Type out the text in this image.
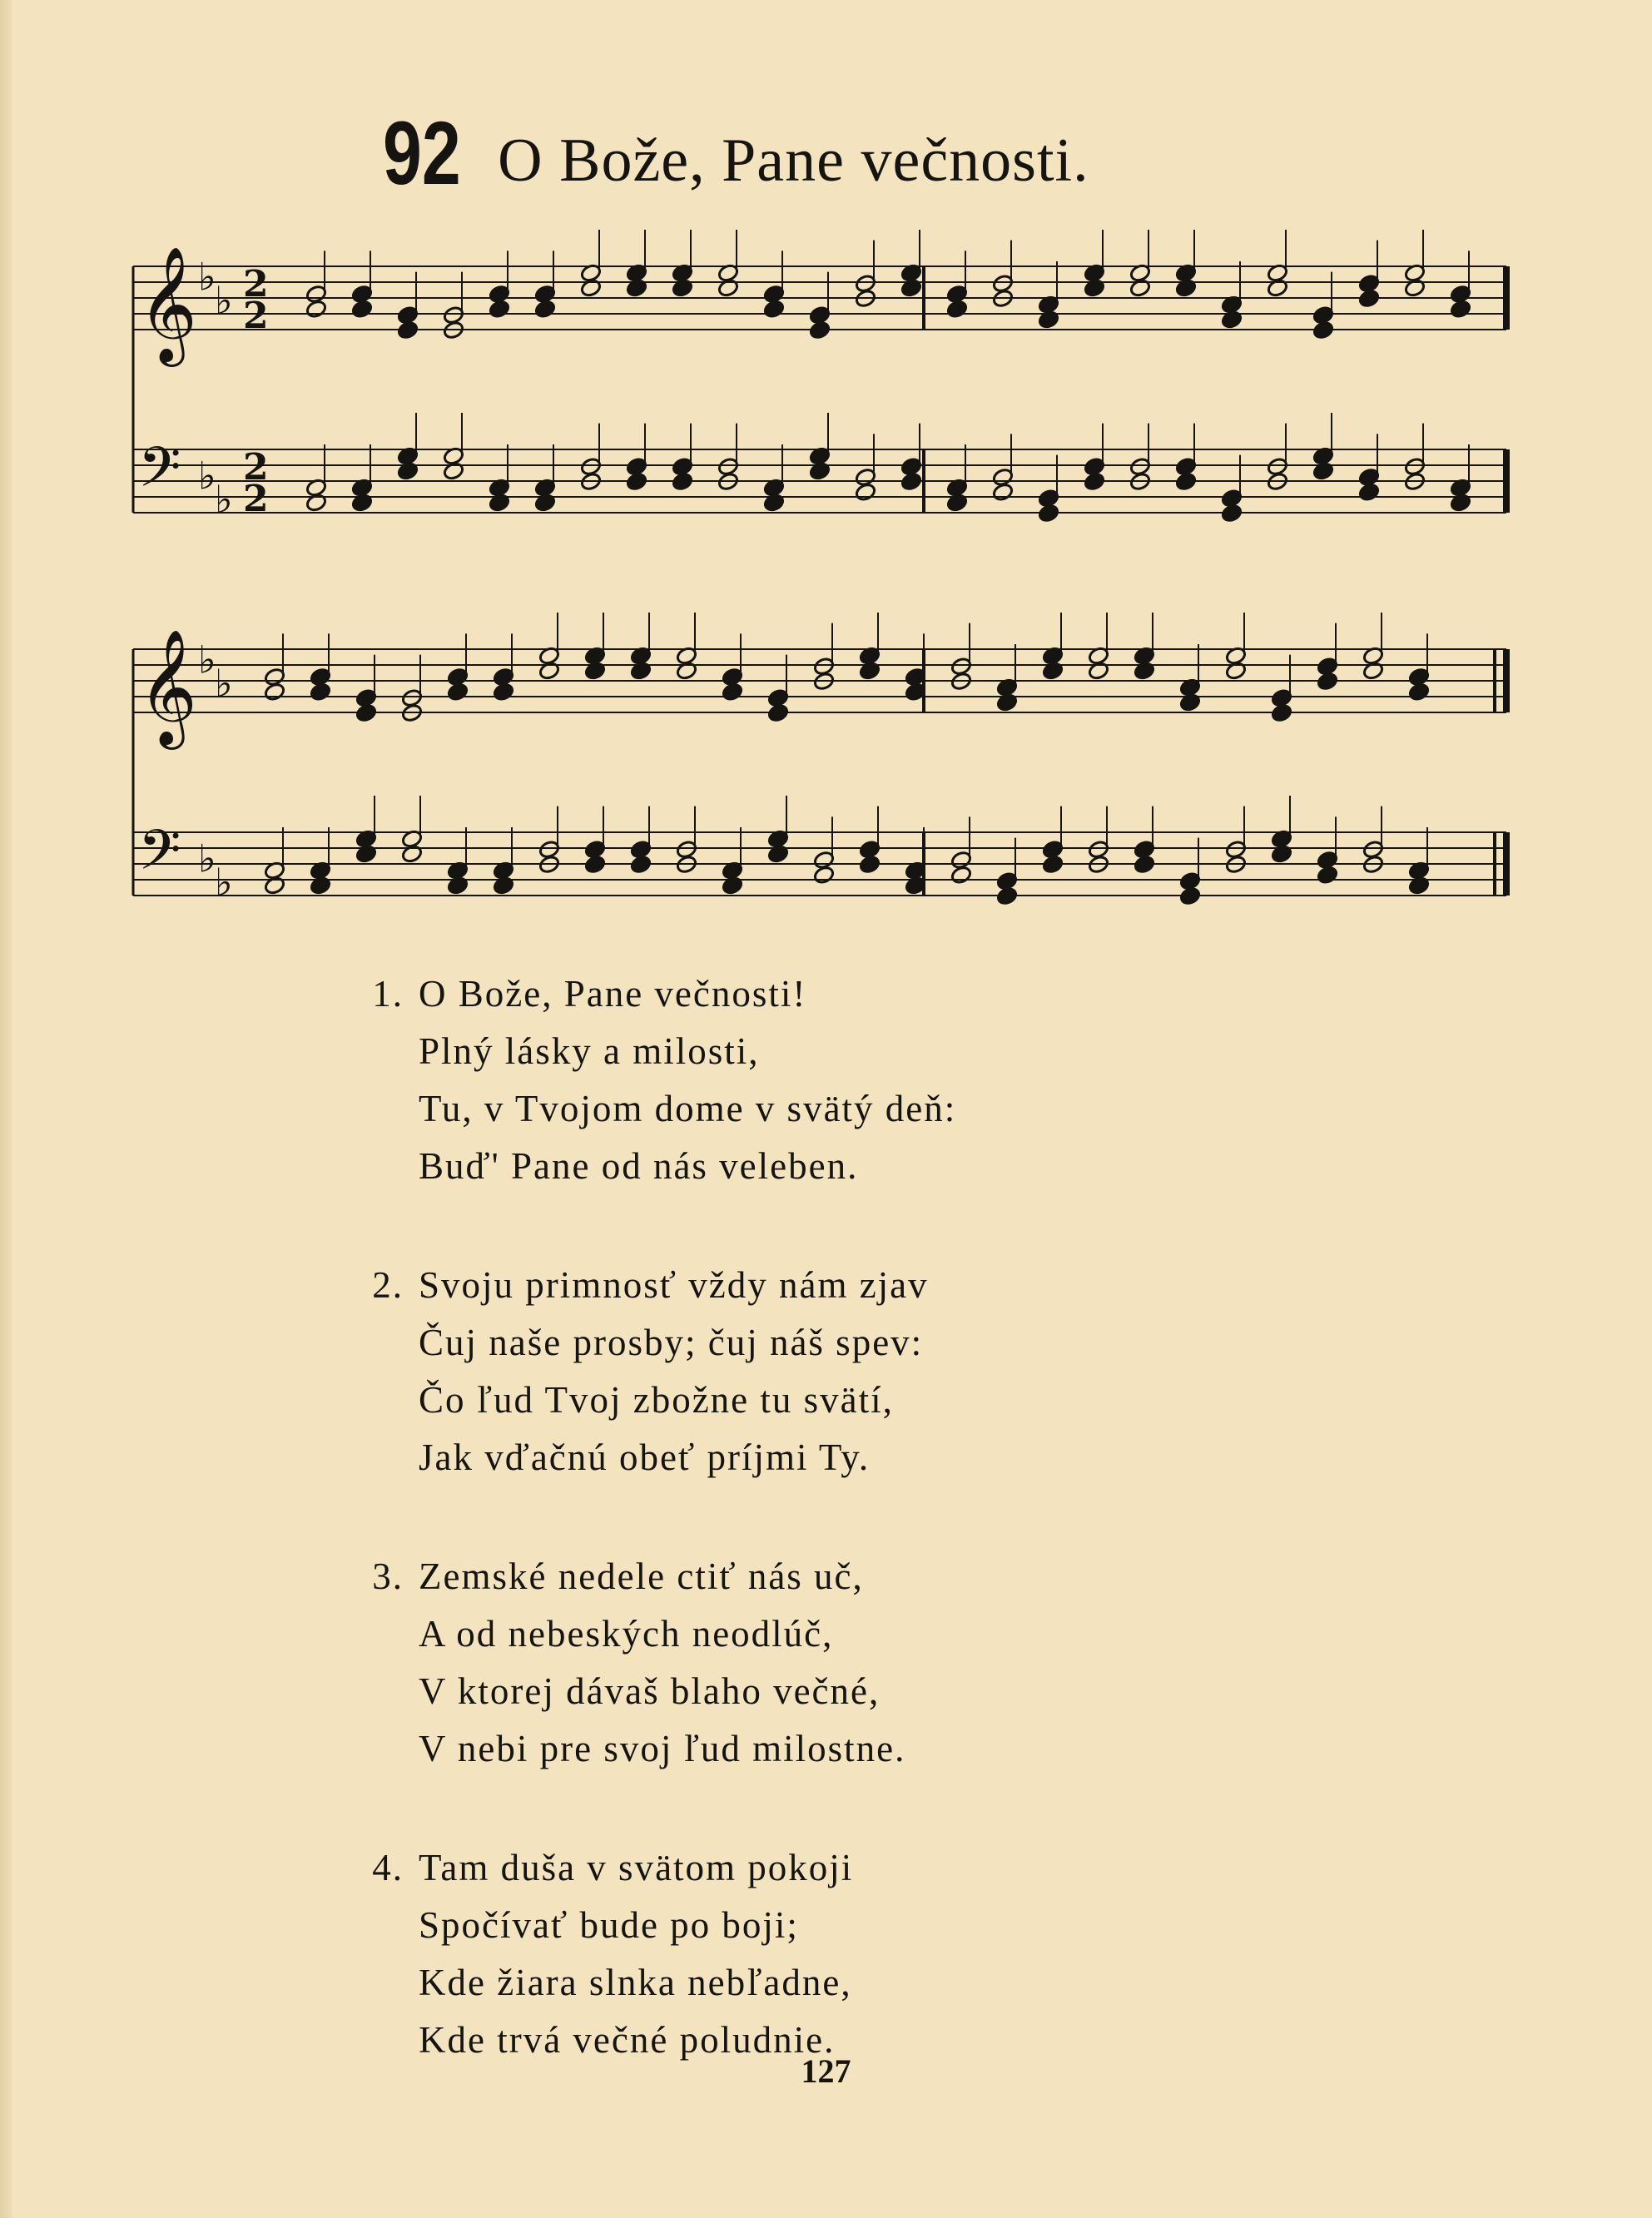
92 O Bože, Pane večnosti.
𝄞 ♭
♭ 2
2
𝄢 ♭
♭
2
2
𝄞 ♭
♭
𝄢 ♭
♭
1. O Bože, Pane večnosti!
Plný lásky a milosti,
Tu, v Tvojom dome v svätý deň:
Buď' Pane od nás veleben.
2. Svoju primnosť vždy nám zjav
Čuj naše prosby; čuj náš spev:
Čo ľud Tvoj zbožne tu svätí,
Jak vďačnú obeť príjmi Ty.
3. Zemské nedele ctiť nás uč,
A od nebeských neodlúč,
V ktorej dávaš blaho večné,
V nebi pre svoj ľud milostne.
4. Tam duša v svätom pokoji
Spočívať bude po boji;
Kde žiara slnka nebľadne,
Kde trvá večné poludnie.
127
